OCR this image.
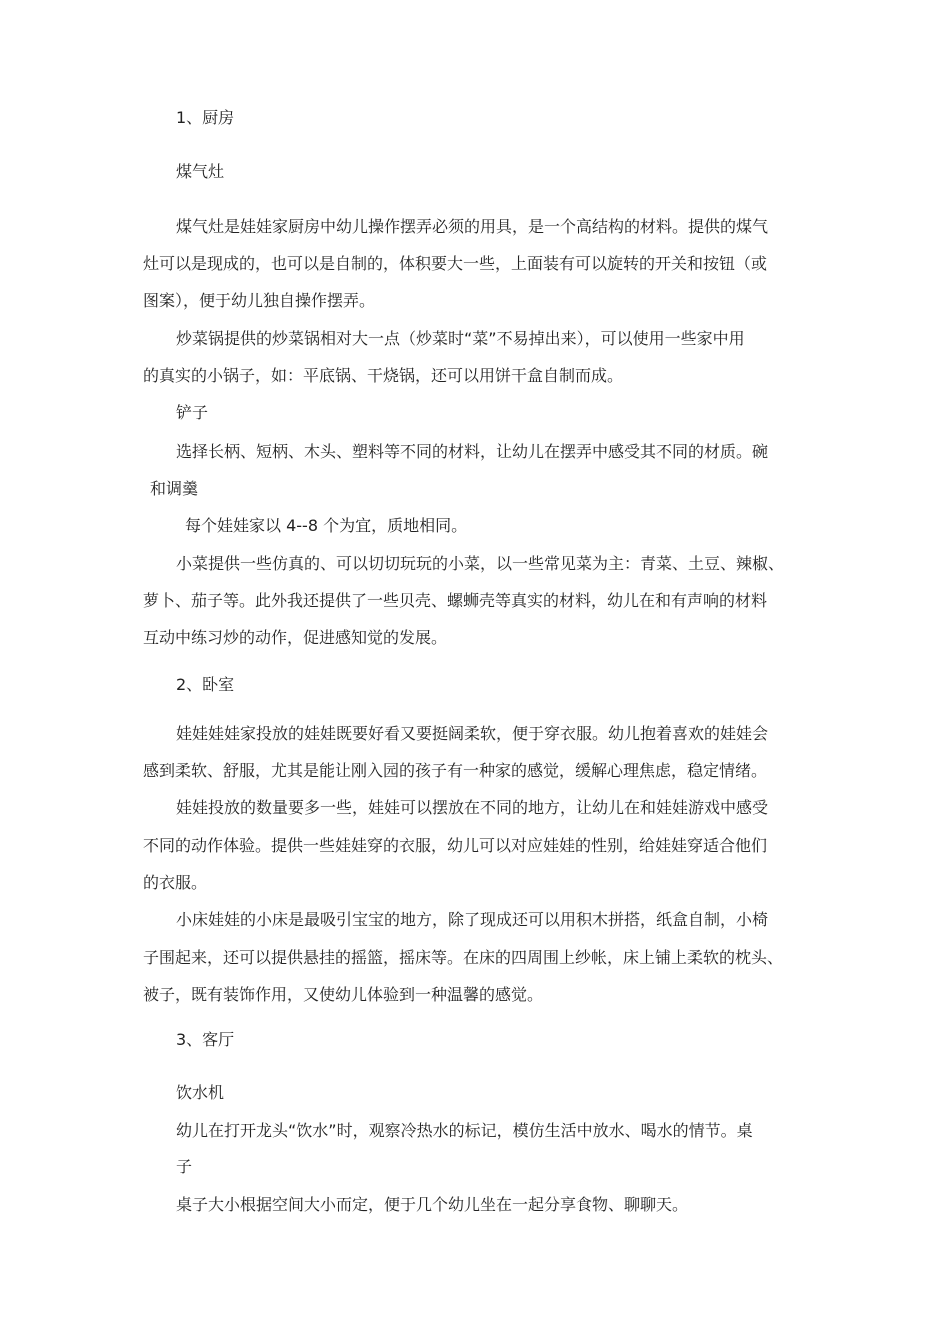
1、厨房
煤气灶
煤气灶是娃娃家厨房中幼儿操作摆弄必须的用具，是一个高结构的材料。提供的煤气
灶可以是现成的，也可以是自制的，体积要大一些，上面装有可以旋转的开关和按钮（或
图案），便于幼儿独自操作摆弄。
炒菜锅提供的炒菜锅相对大一点（炒菜时“菜”不易掉出来），可以使用一些家中用
的真实的小锅子，如：平底锅、干烧锅，还可以用饼干盒自制而成。
铲子
选择长柄、短柄、木头、塑料等不同的材料，让幼儿在摆弄中感受其不同的材质。碗
和调羹
每个娃娃家以 4--8 个为宜，质地相同。
小菜提供一些仿真的、可以切切玩玩的小菜，以一些常见菜为主：青菜、土豆、辣椒、
萝卜、茄子等。此外我还提供了一些贝壳、螺蛳壳等真实的材料，幼儿在和有声响的材料
互动中练习炒的动作，促进感知觉的发展。
2、卧室
娃娃娃娃家投放的娃娃既要好看又要挺阔柔软，便于穿衣服。幼儿抱着喜欢的娃娃会
感到柔软、舒服，尤其是能让刚入园的孩子有一种家的感觉，缓解心理焦虑，稳定情绪。
娃娃投放的数量要多一些，娃娃可以摆放在不同的地方，让幼儿在和娃娃游戏中感受
不同的动作体验。提供一些娃娃穿的衣服，幼儿可以对应娃娃的性别，给娃娃穿适合他们
的衣服。
小床娃娃的小床是最吸引宝宝的地方，除了现成还可以用积木拼搭，纸盒自制，小椅
子围起来，还可以提供悬挂的摇篮，摇床等。在床的四周围上纱帐，床上铺上柔软的枕头、
被子，既有装饰作用，又使幼儿体验到一种温馨的感觉。
3、客厅
饮水机
幼儿在打开龙头“饮水”时，观察冷热水的标记，模仿生活中放水、喝水的情节。桌
子
桌子大小根据空间大小而定，便于几个幼儿坐在一起分享食物、聊聊天。
